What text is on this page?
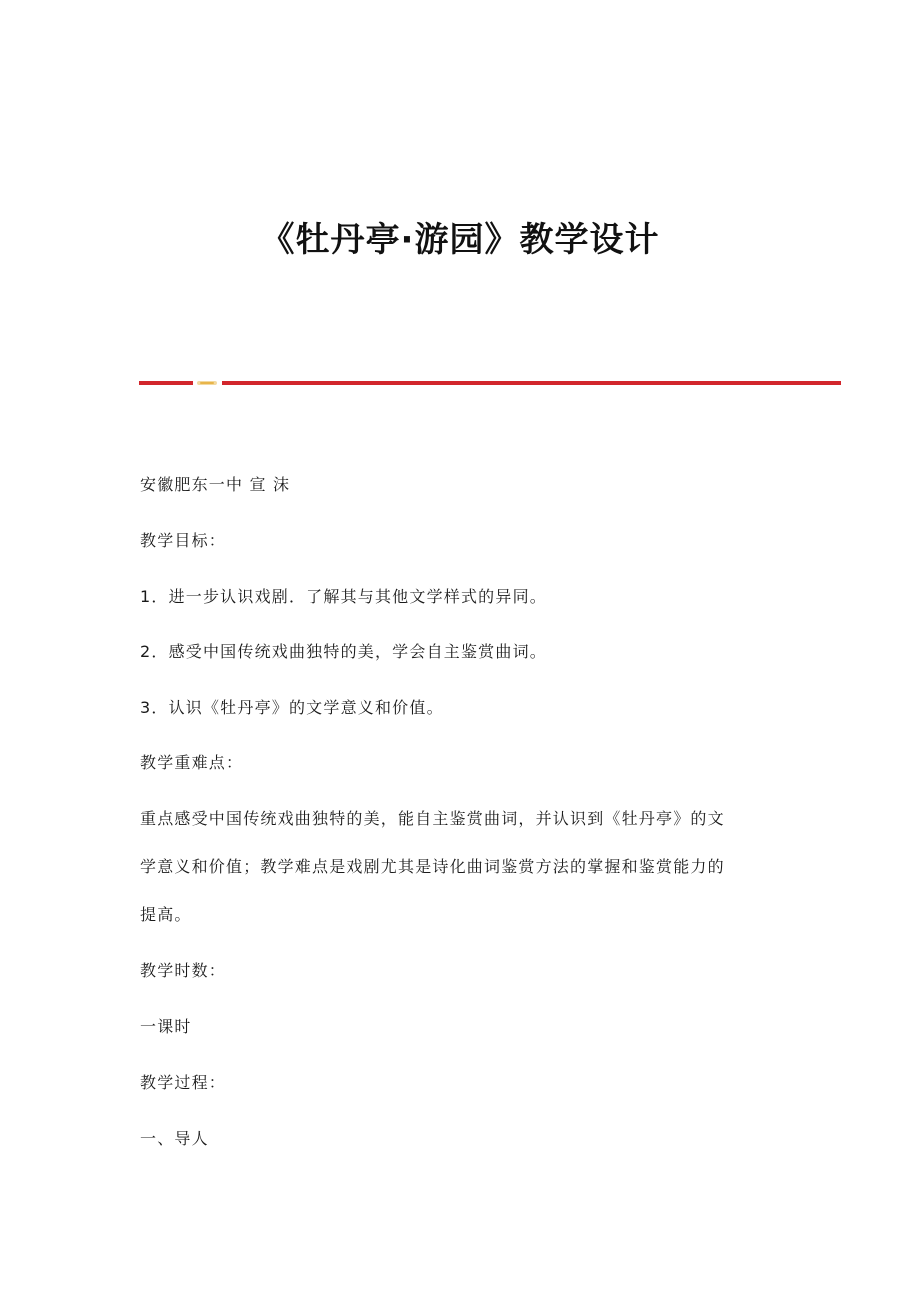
《牡丹亭·游园》教学设计

安徽肥东一中 宣 沫

教学目标：

1．进一步认识戏剧．了解其与其他文学样式的异同。

2．感受中国传统戏曲独特的美，学会自主鉴赏曲词。

3．认识《牡丹亭》的文学意义和价值。

教学重难点：

重点感受中国传统戏曲独特的美，能自主鉴赏曲词，并认识到《牡丹亭》的文

学意义和价值；教学难点是戏剧尤其是诗化曲词鉴赏方法的掌握和鉴赏能力的

提高。

教学时数：

一课时

教学过程：

一、导人
